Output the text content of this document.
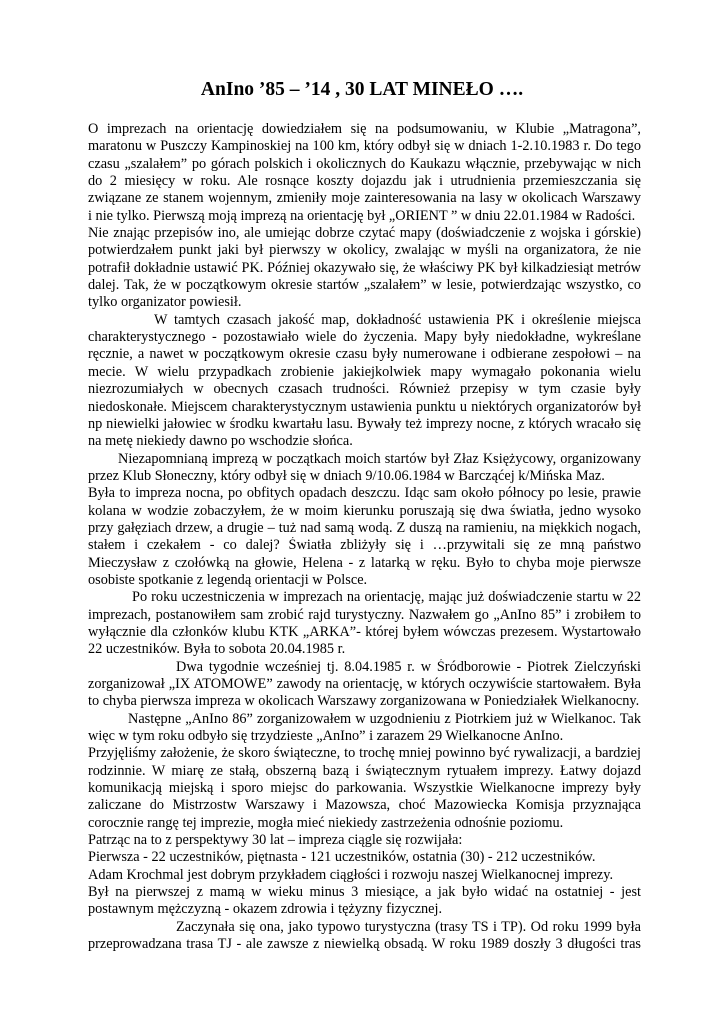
AnIno ’85 – ’14 , 30 LAT MINEŁO ….
O imprezach na orientację dowiedziałem się na podsumowaniu, w Klubie „Matragona”,
maratonu w Puszczy Kampinoskiej na 100 km, który odbył się w dniach 1-2.10.1983 r. Do tego
czasu „szalałem” po górach polskich i okolicznych do Kaukazu włącznie, przebywając w nich
do 2 miesięcy w roku. Ale rosnące koszty dojazdu jak i utrudnienia przemieszczania się
związane ze stanem wojennym, zmieniły moje zainteresowania na lasy w okolicach Warszawy
i nie tylko. Pierwszą moją imprezą na orientację był „ORIENT ” w dniu 22.01.1984 w Radości.
Nie znając przepisów ino, ale umiejąc dobrze czytać mapy (doświadczenie z wojska i górskie)
potwierdzałem punkt jaki był pierwszy w okolicy, zwalając w myśli na organizatora, że nie
potrafił dokładnie ustawić PK. Później okazywało się, że właściwy PK był kilkadziesiąt metrów
dalej. Tak, że w początkowym okresie startów „szalałem” w lesie, potwierdzając wszystko, co
tylko organizator powiesił.
W tamtych czasach jakość map, dokładność ustawienia PK i określenie miejsca
charakterystycznego - pozostawiało wiele do życzenia. Mapy były niedokładne, wykreślane
ręcznie, a nawet w początkowym okresie czasu były numerowane i odbierane zespołowi – na
mecie. W wielu przypadkach zrobienie jakiejkolwiek mapy wymagało pokonania wielu
niezrozumiałych w obecnych czasach trudności. Również przepisy w tym czasie były
niedoskonałe. Miejscem charakterystycznym ustawienia punktu u niektórych organizatorów był
np niewielki jałowiec w środku kwartału lasu. Bywały też imprezy nocne, z których wracało się
na metę niekiedy dawno po wschodzie słońca.
Niezapomnianą imprezą w początkach moich startów był Złaz Księżycowy, organizowany
przez Klub Słoneczny, który odbył się w dniach 9/10.06.1984 w Barcząćej k/Mińska Maz.
Była to impreza nocna, po obfitych opadach deszczu. Idąc sam około północy po lesie, prawie
kolana w wodzie zobaczyłem, że w moim kierunku poruszają się dwa światła, jedno wysoko
przy gałęziach drzew, a drugie – tuż nad samą wodą. Z duszą na ramieniu, na miękkich nogach,
stałem i czekałem - co dalej? Światła zbliżyły się i …przywitali się ze mną państwo
Mieczysław z czołówką na głowie, Helena - z latarką w ręku. Było to chyba moje pierwsze
osobiste spotkanie z legendą orientacji w Polsce.
Po roku uczestniczenia w imprezach na orientację, mając już doświadczenie startu w 22
imprezach, postanowiłem sam zrobić rajd turystyczny. Nazwałem go „AnIno 85” i zrobiłem to
wyłącznie dla członków klubu KTK „ARKA”- której byłem wówczas prezesem. Wystartowało
22 uczestników. Była to sobota 20.04.1985 r.
Dwa tygodnie wcześniej tj. 8.04.1985 r. w Śródborowie - Piotrek Zielczyński
zorganizował „IX ATOMOWE” zawody na orientację, w których oczywiście startowałem. Była
to chyba pierwsza impreza w okolicach Warszawy zorganizowana w Poniedziałek Wielkanocny.
Następne „AnIno 86” zorganizowałem w uzgodnieniu z Piotrkiem już w Wielkanoc. Tak
więc w tym roku odbyło się trzydzieste „AnIno” i zarazem 29 Wielkanocne AnIno.
Przyjęliśmy założenie, że skoro świąteczne, to trochę mniej powinno być rywalizacji, a bardziej
rodzinnie. W miarę ze stałą, obszerną bazą i świątecznym rytuałem imprezy. Łatwy dojazd
komunikacją miejską i sporo miejsc do parkowania. Wszystkie Wielkanocne imprezy były
zaliczane do Mistrzostw Warszawy i Mazowsza, choć Mazowiecka Komisja przyznająca
corocznie rangę tej imprezie, mogła mieć niekiedy zastrzeżenia odnośnie poziomu.
Patrząc na to z perspektywy 30 lat – impreza ciągle się rozwijała:
Pierwsza - 22 uczestników, piętnasta - 121 uczestników, ostatnia (30) - 212 uczestników.
Adam Krochmal jest dobrym przykładem ciągłości i rozwoju naszej Wielkanocnej imprezy.
Był na pierwszej z mamą w wieku minus 3 miesiące, a jak było widać na ostatniej - jest
postawnym mężczyzną - okazem zdrowia i tężyzny fizycznej.
Zaczynała się ona, jako typowo turystyczna (trasy TS i TP). Od roku 1999 była
przeprowadzana trasa TJ - ale zawsze z niewielką obsadą. W roku 1989 doszły 3 długości tras
